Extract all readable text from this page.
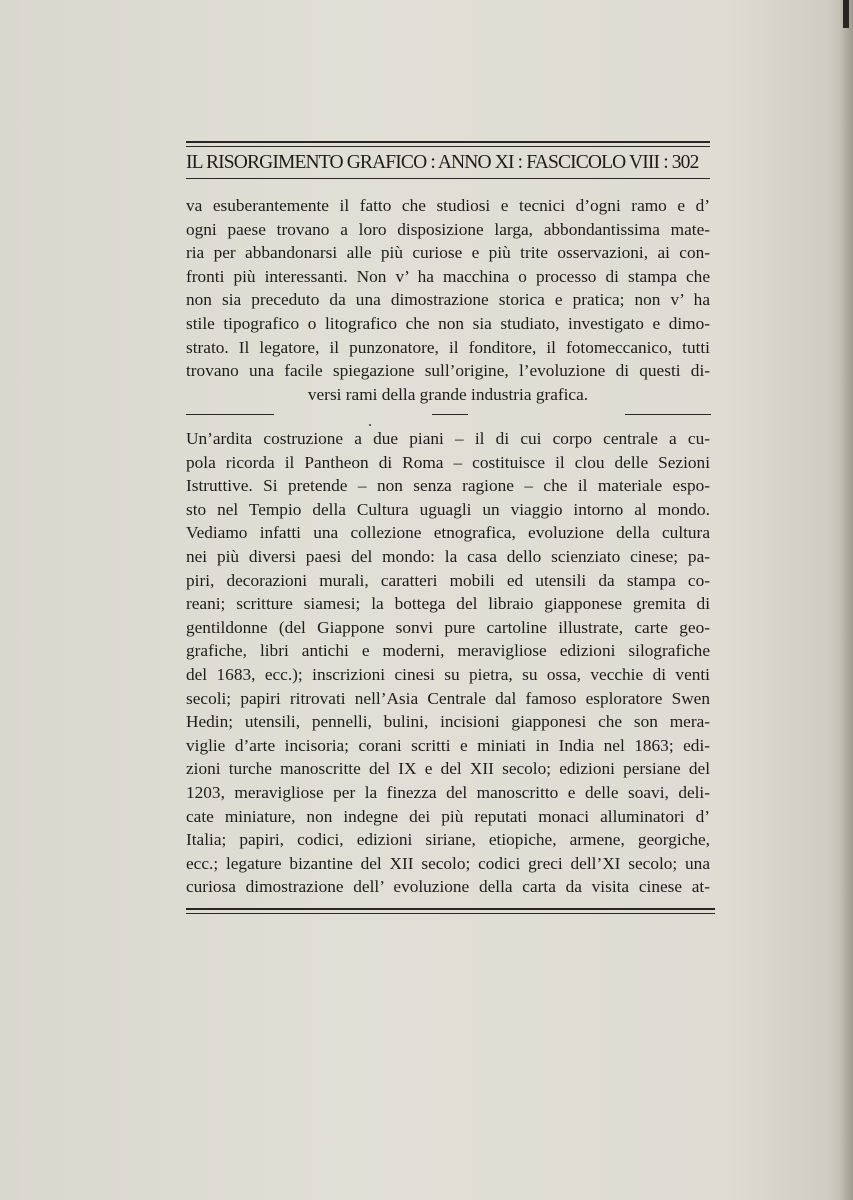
IL RISORGIMENTO GRAFICO : ANNO XI : FASCICOLO VIII : 302
va esuberantemente il fatto che studiosi e tecnici d’ogni ramo e d’
ogni paese trovano a loro disposizione larga, abbondantissima mate-
ria per abbandonarsi alle più curiose e più trite osservazioni, ai con-
fronti più interessanti. Non v’ ha macchina o processo di stampa che
non sia preceduto da una dimostrazione storica e pratica; non v’ ha
stile tipografico o litografico che non sia studiato, investigato e dimo-
strato. Il legatore, il punzonatore, il fonditore, il fotomeccanico, tutti
trovano una facile spiegazione sull’origine, l’evoluzione di questi di-
versi rami della grande industria grafica.
Un’ardita costruzione a due piani – il di cui corpo centrale a cu-
pola ricorda il Pantheon di Roma – costituisce il clou delle Sezioni
Istruttive. Si pretende – non senza ragione – che il materiale espo-
sto nel Tempio della Cultura uguagli un viaggio intorno al mondo.
Vediamo infatti una collezione etnografica, evoluzione della cultura
nei più diversi paesi del mondo: la casa dello scienziato cinese; pa-
piri, decorazioni murali, caratteri mobili ed utensili da stampa co-
reani; scritture siamesi; la bottega del libraio giapponese gremita di
gentildonne (del Giappone sonvi pure cartoline illustrate, carte geo-
grafiche, libri antichi e moderni, meravigliose edizioni silografiche
del 1683, ecc.); inscrizioni cinesi su pietra, su ossa, vecchie di venti
secoli; papiri ritrovati nell’Asia Centrale dal famoso esploratore Swen
Hedin; utensili, pennelli, bulini, incisioni giapponesi che son mera-
viglie d’arte incisoria; corani scritti e miniati in India nel 1863; edi-
zioni turche manoscritte del IX e del XII secolo; edizioni persiane del
1203, meravigliose per la finezza del manoscritto e delle soavi, deli-
cate miniature, non indegne dei più reputati monaci alluminatori d’
Italia; papiri, codici, edizioni siriane, etiopiche, armene, georgiche,
ecc.; legature bizantine del XII secolo; codici greci dell’XI secolo; una
curiosa dimostrazione dell’ evoluzione della carta da visita cinese at-
